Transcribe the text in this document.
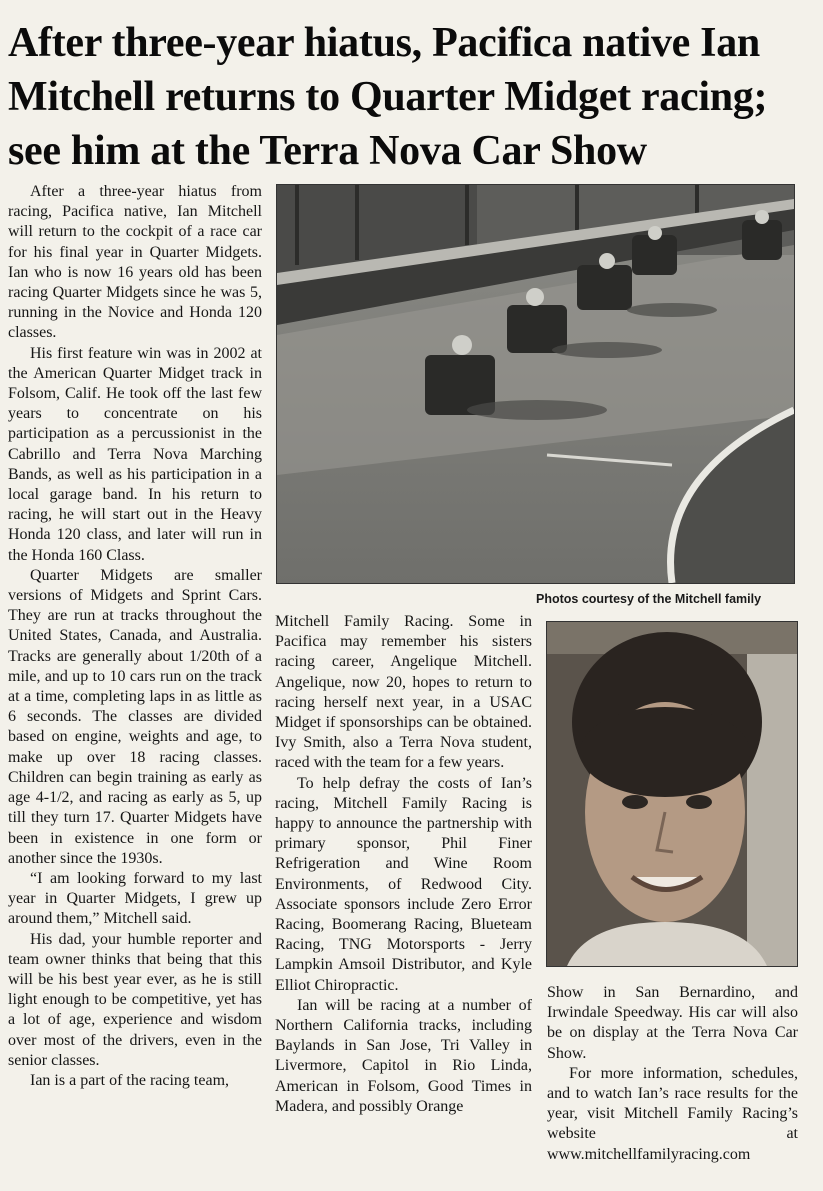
After three-year hiatus, Pacifica native Ian Mitchell returns to Quarter Midget racing; see him at the Terra Nova Car Show

After a three-year hiatus from racing, Pacifica native, Ian Mitchell will return to the cockpit of a race car for his final year in Quarter Midgets. Ian who is now 16 years old has been racing Quarter Midgets since he was 5, running in the Novice and Honda 120 classes.

His first feature win was in 2002 at the American Quarter Midget track in Folsom, Calif. He took off the last few years to concentrate on his participation as a percussionist in the Cabrillo and Terra Nova Marching Bands, as well as his participation in a local garage band. In his return to racing, he will start out in the Heavy Honda 120 class, and later will run in the Honda 160 Class.

Quarter Midgets are smaller versions of Midgets and Sprint Cars. They are run at tracks throughout the United States, Canada, and Australia. Tracks are generally about 1/20th of a mile, and up to 10 cars run on the track at a time, completing laps in as little as 6 seconds. The classes are divided based on engine, weights and age, to make up over 18 racing classes. Children can begin training as early as age 4-1/2, and racing as early as 5, up till they turn 17. Quarter Midgets have been in existence in one form or another since the 1930s.

“I am looking forward to my last year in Quarter Midgets, I grew up around them,” Mitchell said.

His dad, your humble reporter and team owner thinks that being that this will be his best year ever, as he is still light enough to be competitive, yet has a lot of age, experience and wisdom over most of the drivers, even in the senior classes.

Ian is a part of the racing team,

Photos courtesy of the Mitchell family

Mitchell Family Racing. Some in Pacifica may remember his sisters racing career, Angelique Mitchell. Angelique, now 20, hopes to return to racing herself next year, in a USAC Midget if sponsorships can be obtained. Ivy Smith, also a Terra Nova student, raced with the team for a few years.

To help defray the costs of Ian’s racing, Mitchell Family Racing is happy to announce the partnership with primary sponsor, Phil Finer Refrigeration and Wine Room Environments, of Redwood City. Associate sponsors include Zero Error Racing, Boomerang Racing, Blueteam Racing, TNG Motorsports - Jerry Lampkin Amsoil Distributor, and Kyle Elliot Chiropractic.

Ian will be racing at a number of Northern California tracks, including Baylands in San Jose, Tri Valley in Livermore, Capitol in Rio Linda, American in Folsom, Good Times in Madera, and possibly Orange

Show in San Bernardino, and Irwindale Speedway. His car will also be on display at the Terra Nova Car Show.

For more information, schedules, and to watch Ian’s race results for the year, visit Mitchell Family Racing’s website at www.mitchellfamilyracing.com
